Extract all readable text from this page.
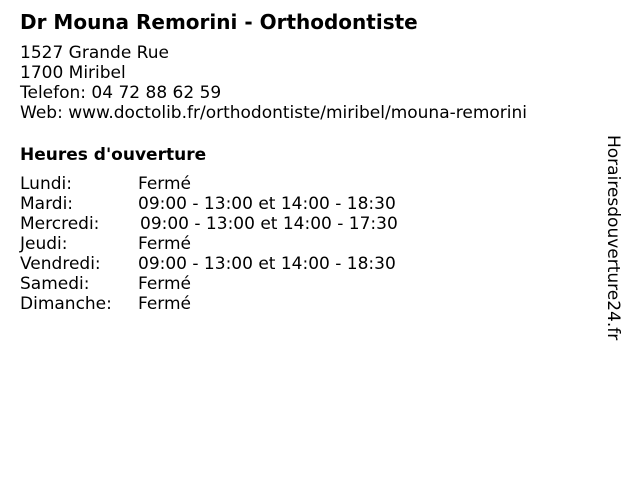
Dr Mouna Remorini - Orthodontiste
1527 Grande Rue
1700 Miribel
Telefon: 04 72 88 62 59
Web: www.doctolib.fr/orthodontiste/miribel/mouna-remorini
Heures d'ouverture
Lundi:	Fermé
Mardi:	09:00 - 13:00 et 14:00 - 18:30
Mercredi: 09:00 - 13:00 et 14:00 - 17:30
Jeudi:	Fermé
Vendredi: 09:00 - 13:00 et 14:00 - 18:30
Samedi:	Fermé
Dimanche: Fermé	Horairesdouverture24.fr
